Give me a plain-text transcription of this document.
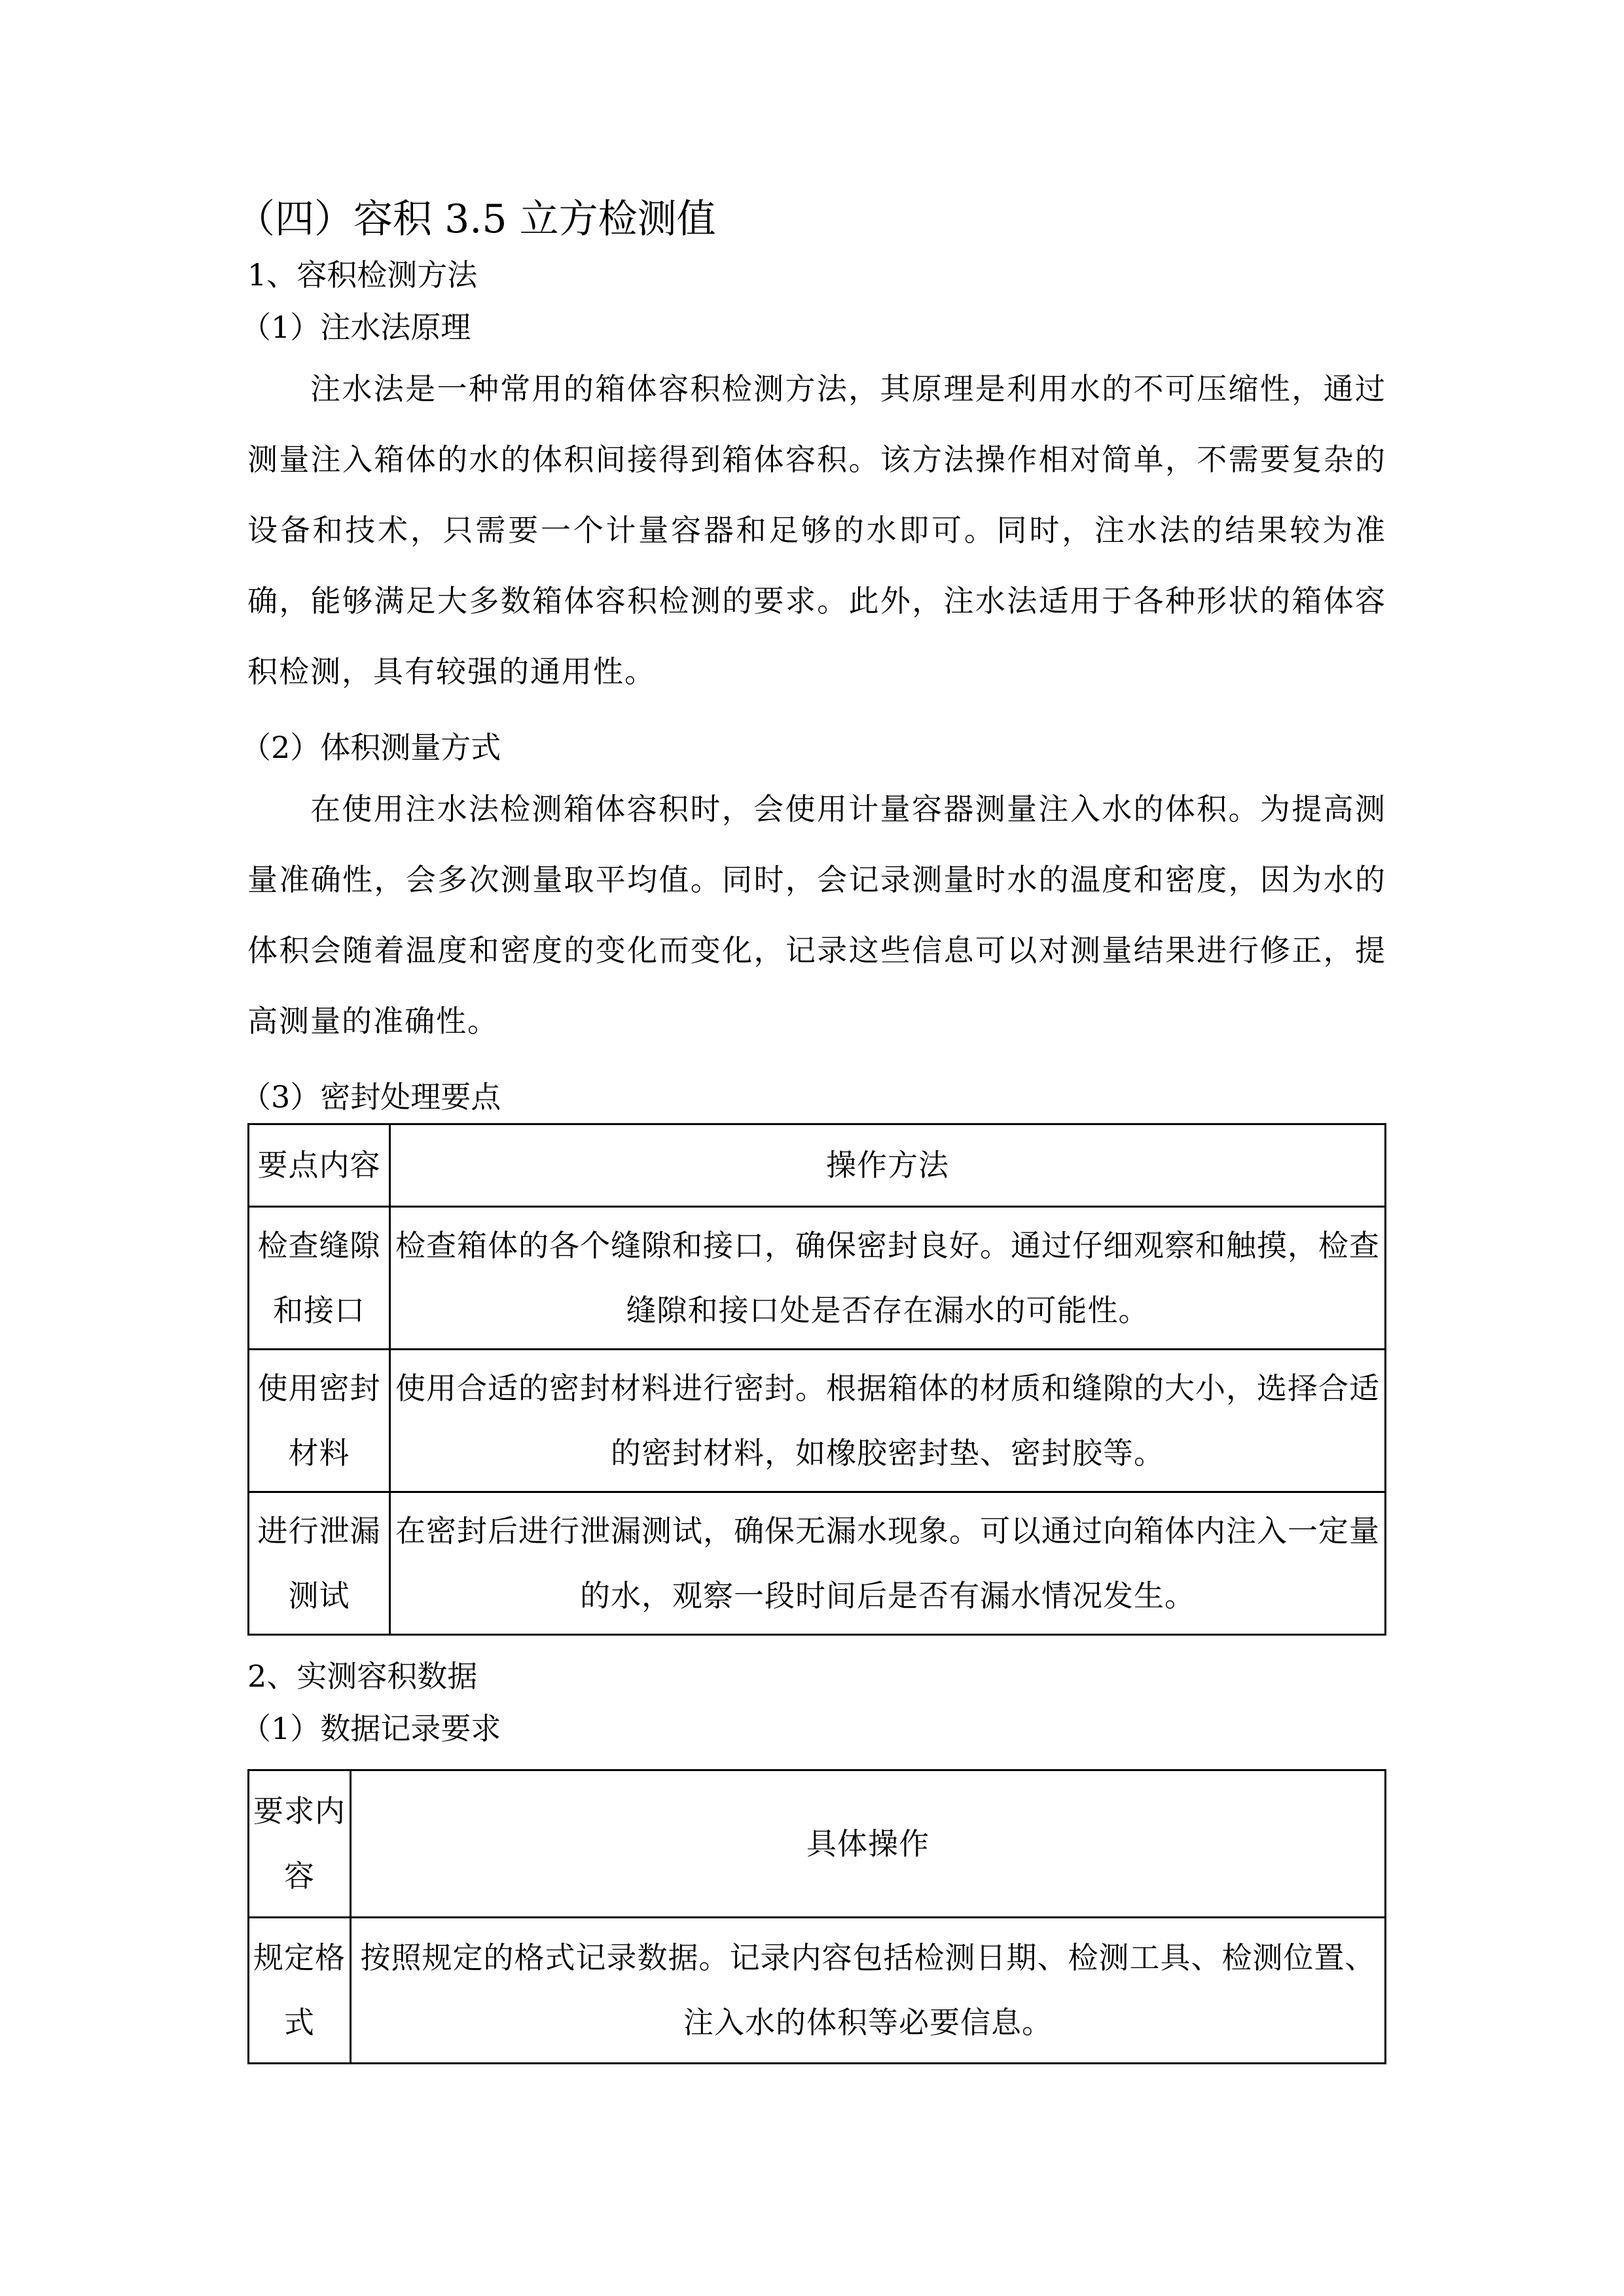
（四）容积 3.5 立方检测值

1、容积检测方法

（1）注水法原理

注水法是一种常用的箱体容积检测方法，其原理是利用水的不可压缩性，通过测量注入箱体的水的体积间接得到箱体容积。该方法操作相对简单，不需要复杂的设备和技术，只需要一个计量容器和足够的水即可。同时，注水法的结果较为准确，能够满足大多数箱体容积检测的要求。此外，注水法适用于各种形状的箱体容积检测，具有较强的通用性。

（2）体积测量方式

在使用注水法检测箱体容积时，会使用计量容器测量注入水的体积。为提高测量准确性，会多次测量取平均值。同时，会记录测量时水的温度和密度，因为水的体积会随着温度和密度的变化而变化，记录这些信息可以对测量结果进行修正，提高测量的准确性。

（3）密封处理要点

要点内容	操作方法
检查缝隙和接口	检查箱体的各个缝隙和接口，确保密封良好。通过仔细观察和触摸，检查缝隙和接口处是否存在漏水的可能性。
使用密封材料	使用合适的密封材料进行密封。根据箱体的材质和缝隙的大小，选择合适的密封材料，如橡胶密封垫、密封胶等。
进行泄漏测试	在密封后进行泄漏测试，确保无漏水现象。可以通过向箱体内注入一定量的水，观察一段时间后是否有漏水情况发生。

2、实测容积数据

（1）数据记录要求

要求内容	具体操作
规定格式	按照规定的格式记录数据。记录内容包括检测日期、检测工具、检测位置、注入水的体积等必要信息。
